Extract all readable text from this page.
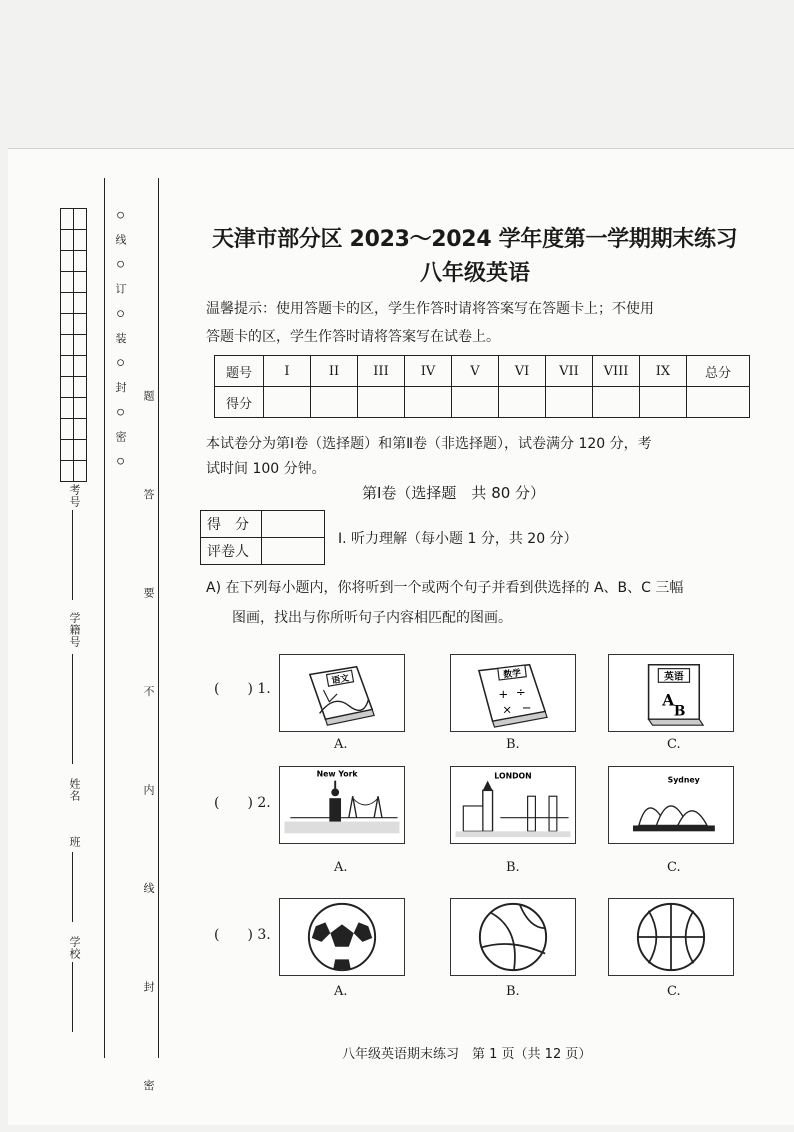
考号
学籍号
姓名
班
学校
○ 线 ○ 订 ○ 装 ○ 封 ○ 密 ○
题 答 要 不 内 线 封 密
天津市部分区 2023～2024 学年度第一学期期末练习
八年级英语
温馨提示：使用答题卡的区，学生作答时请将答案写在答题卡上；不使用
答题卡的区，学生作答时请将答案写在试卷上。
题号	I	II	III	IV	V	VI	VII	VIII	IX	总分
得分										
本试卷分为第Ⅰ卷（选择题）和第Ⅱ卷（非选择题），试卷满分 120 分，考
试时间 100 分钟。
第Ⅰ卷（选择题　共 80 分）
得　分	
评卷人	
Ⅰ. 听力理解（每小题 1 分，共 20 分）
A) 在下列每小题内，你将听到一个或两个句子并看到供选择的 A、B、C 三幅
图画，找出与你所听句子内容相匹配的图画。
(　　) 1.
语文
A.
数学
+ ÷
× −
B.
英语
A
B
C.
(　　) 2.
New York
A.
LONDON
B.
Sydney
C.
(　　) 3.
A.	B.	C.
八年级英语期末练习　第 1 页（共 12 页）
